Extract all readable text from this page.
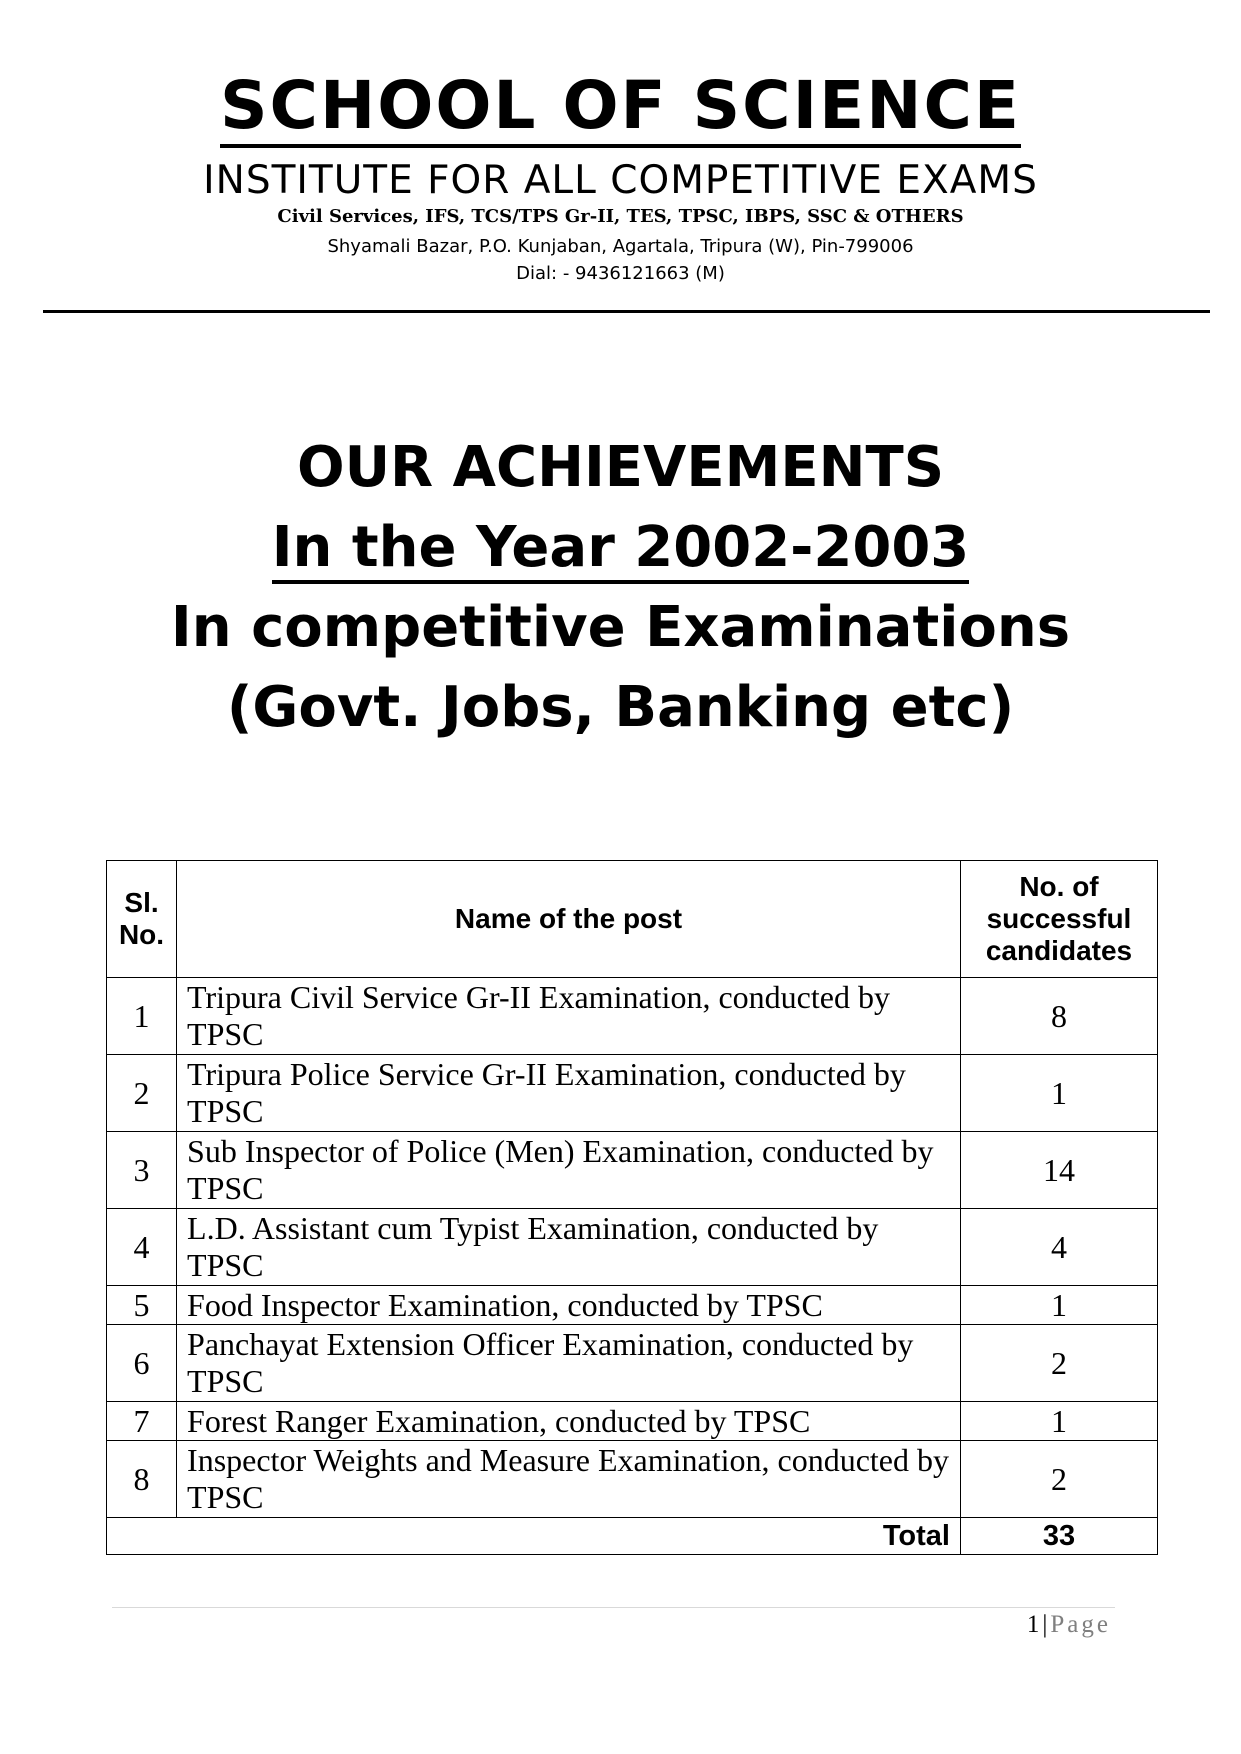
SCHOOL OF SCIENCE
INSTITUTE FOR ALL COMPETITIVE EXAMS
Civil Services, IFS, TCS/TPS Gr-II, TES, TPSC, IBPS, SSC & OTHERS
Shyamali Bazar, P.O. Kunjaban, Agartala, Tripura (W), Pin-799006
Dial: - 9436121663 (M)
OUR ACHIEVEMENTS
In the Year 2002-2003
In competitive Examinations
(Govt. Jobs, Banking etc)
Sl. No.	Name of the post	No. of successful candidates
1	Tripura Civil Service Gr-II Examination, conducted by TPSC	8
2	Tripura Police Service Gr-II Examination, conducted by TPSC	1
3	Sub Inspector of Police (Men) Examination, conducted by TPSC	14
4	L.D. Assistant cum Typist Examination, conducted by TPSC	4
5	Food Inspector Examination, conducted by TPSC	1
6	Panchayat Extension Officer Examination, conducted by TPSC	2
7	Forest Ranger Examination, conducted by TPSC	1
8	Inspector Weights and Measure Examination, conducted by TPSC	2
Total		33
1|Page
